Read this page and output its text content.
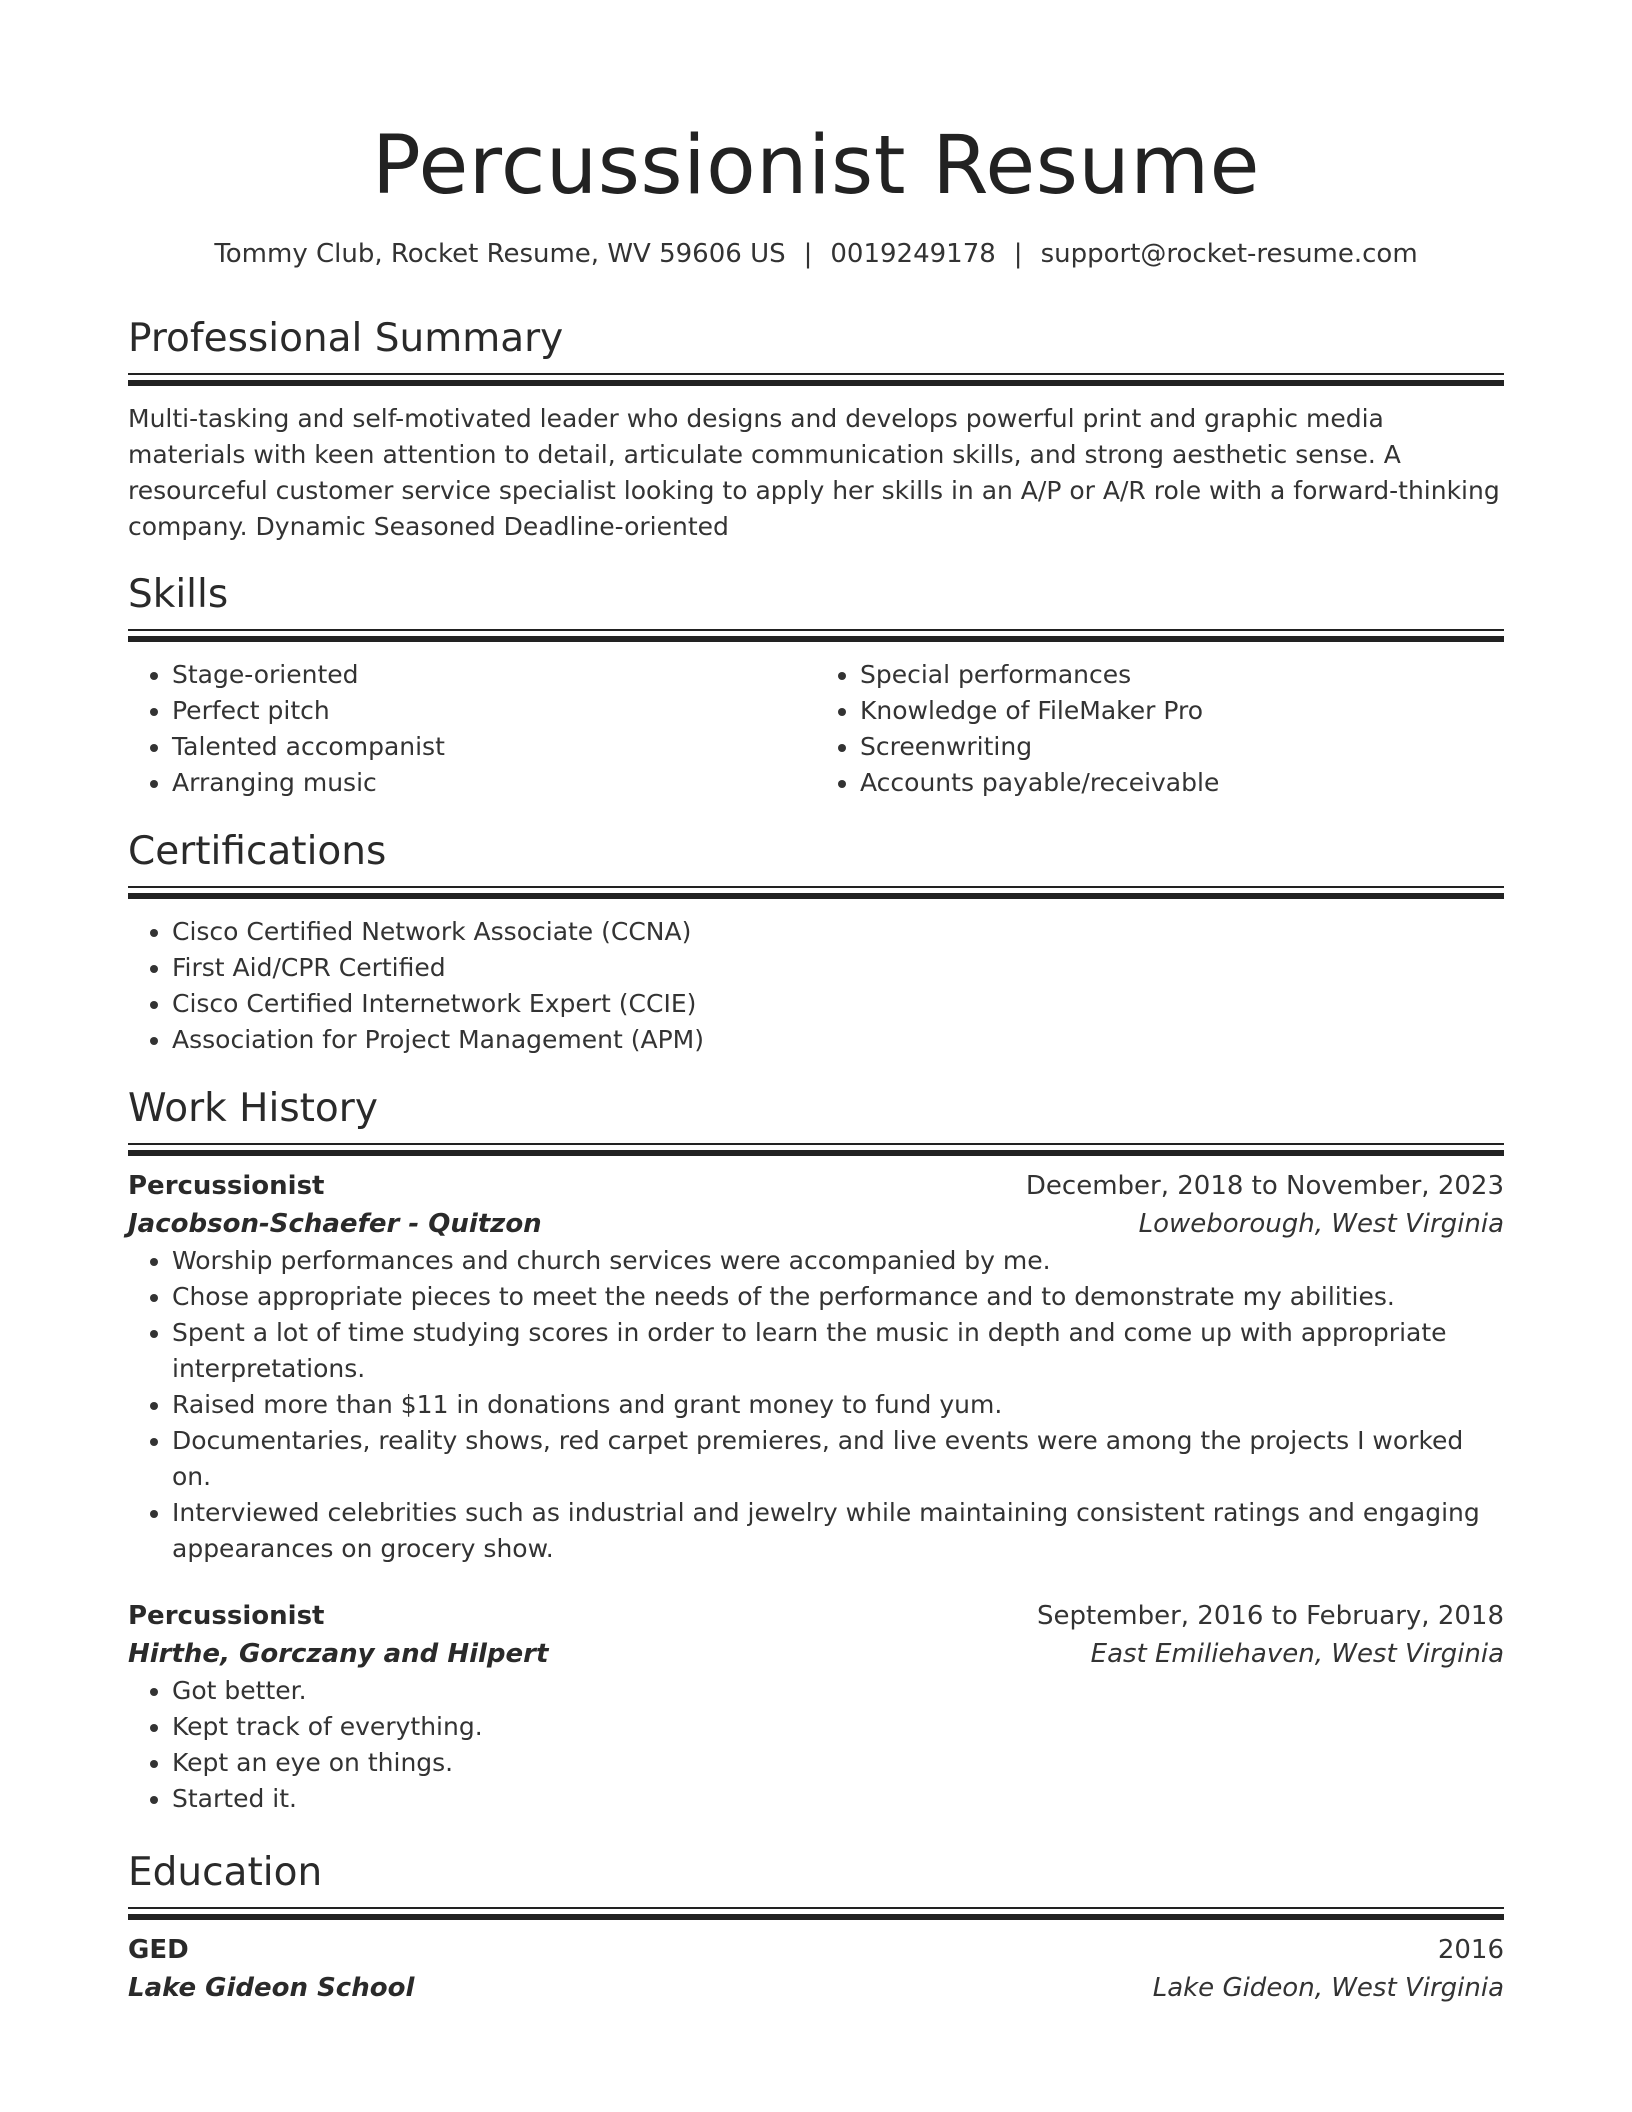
Percussionist Resume
Tommy Club, Rocket Resume, WV 59606 US | 0019249178 | support@rocket-resume.com
Professional Summary
Multi-tasking and self-motivated leader who designs and develops powerful print and graphic media materials with keen attention to detail, articulate communication skills, and strong aesthetic sense. A resourceful customer service specialist looking to apply her skills in an A/P or A/R role with a forward-thinking company. Dynamic Seasoned Deadline-oriented
Skills
• Stage-oriented
• Perfect pitch
• Talented accompanist
• Arranging music
• Special performances
• Knowledge of FileMaker Pro
• Screenwriting
• Accounts payable/receivable
Certifications
• Cisco Certified Network Associate (CCNA)
• First Aid/CPR Certified
• Cisco Certified Internetwork Expert (CCIE)
• Association for Project Management (APM)
Work History
Percussionist	December, 2018 to November, 2023
Jacobson-Schaefer - Quitzon	Loweborough, West Virginia
• Worship performances and church services were accompanied by me.
• Chose appropriate pieces to meet the needs of the performance and to demonstrate my abilities.
• Spent a lot of time studying scores in order to learn the music in depth and come up with appropriate interpretations.
• Raised more than $11 in donations and grant money to fund yum.
• Documentaries, reality shows, red carpet premieres, and live events were among the projects I worked on.
• Interviewed celebrities such as industrial and jewelry while maintaining consistent ratings and engaging appearances on grocery show.
Percussionist	September, 2016 to February, 2018
Hirthe, Gorczany and Hilpert	East Emiliehaven, West Virginia
• Got better.
• Kept track of everything.
• Kept an eye on things.
• Started it.
Education
GED	2016
Lake Gideon School	Lake Gideon, West Virginia
